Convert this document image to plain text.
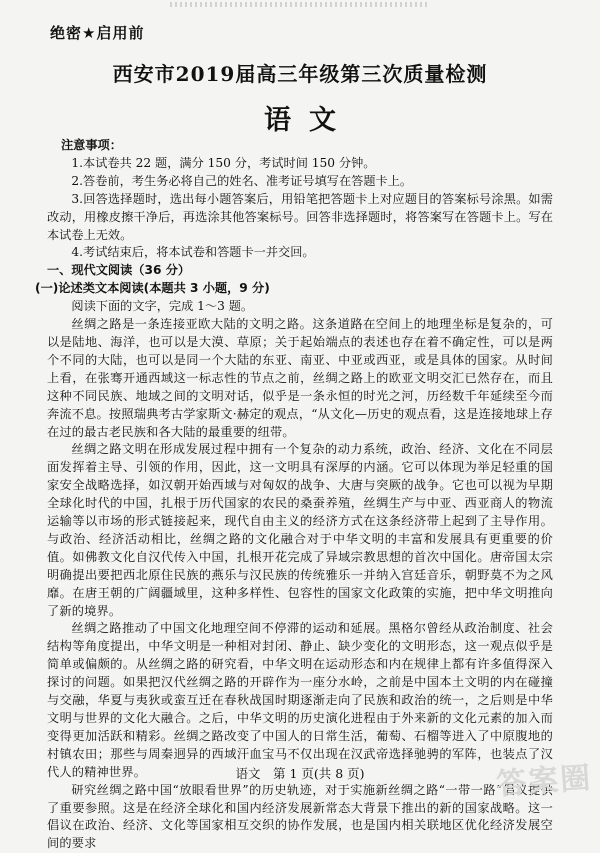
绝密★启用前
西安市2019届高三年级第三次质量检测
语文

注意事项：

1.本试卷共 22 题，满分 150 分，考试时间 150 分钟。

2.答卷前，考生务必将自己的姓名、准考证号填写在答题卡上。

3.回答选择题时，选出每小题答案后，用铅笔把答题卡上对应题目的答案标号涂黑。如需改动，用橡皮擦干净后，再选涂其他答案标号。回答非选择题时，将答案写在答题卡上。写在本试卷上无效。

4.考试结束后，将本试卷和答题卡一并交回。

一、现代文阅读（36 分）

(一)论述类文本阅读(本题共 3 小题，9 分)

阅读下面的文字，完成 1～3 题。

丝绸之路是一条连接亚欧大陆的文明之路。这条道路在空间上的地理坐标是复杂的，可以是陆地、海洋，也可以是大漠、草原；关于起始端点的表述也存在着不确定性，可以是两个不同的大陆，也可以是同一个大陆的东亚、南亚、中亚或西亚，或是具体的国家。从时间上看，在张骞开通西域这一标志性的节点之前，丝绸之路上的欧亚文明交汇已然存在，而且这种不同民族、地域之间的文明对话，似乎是一条永恒的时光之河，历经数千年延续至今而奔流不息。按照瑞典考古学家斯文·赫定的观点，“从文化—历史的观点看，这是连接地球上存在过的最古老民族和各大陆的最重要的纽带。

丝绸之路文明在形成发展过程中拥有一个复杂的动力系统，政治、经济、文化在不同层面发挥着主导、引领的作用，因此，这一文明具有深厚的内涵。它可以体现为举足轻重的国家安全战略选择，如汉朝开始西域与对匈奴的战争、大唐与突厥的战争。它也可以视为早期全球化时代的中国，扎根于历代国家的农民的桑蚕养殖，丝绸生产与中亚、西亚商人的物流运输等以市场的形式链接起来，现代自由主义的经济方式在这条经济带上起到了主导作用。与政治、经济活动相比，丝绸之路的文化融合对于中华文明的丰富和发展具有更重要的价值。如佛教文化自汉代传入中国，扎根开花完成了异域宗教思想的首次中国化。唐帝国太宗明确提出要把西北原住民族的燕乐与汉民族的传统雅乐一并纳入宫廷音乐，朝野莫不为之风靡。在唐王朝的广阔疆域里，这种多样性、包容性的国家文化政策的实施，把中华文明推向了新的境界。

丝绸之路推动了中国文化地理空间不停滞的运动和延展。黑格尔曾经从政治制度、社会结构等角度提出，中华文明是一种相对封闭、静止、缺少变化的文明形态，这一观点似乎是简单或偏颇的。从丝绸之路的研究看，中华文明在运动形态和内在规律上都有许多值得深入探讨的问题。如果把汉代丝绸之路的开辟作为一座分水岭，之前是中国本土文明的内在碰撞与交融，华夏与夷狄或蛮互迁在春秋战国时期逐渐走向了民族和政治的统一，之后则是中华文明与世界的文化大融合。之后，中华文明的历史演化进程由于外来新的文化元素的加入而变得更加活跃和精彩。丝绸之路改变了中国人的日常生活，葡萄、石榴等进入了中原腹地的村镇农田；那些与周秦迥异的西域汗血宝马不仅出现在汉武帝选择驰骋的军阵，也装点了汉代人的精神世界。

研究丝绸之路中国“放眼看世界”的历史轨迹，对于实施新丝绸之路“一带一路”倡议提供了重要参照。这是在经济全球化和国内经济发展新常态大背景下推出的新的国家战略。这一倡议在政治、经济、文化等国家相互交织的协作发展，也是国内相关联地区优化经济发展空间的要求

语文　第 1 页(共 8 页)	答案圈
